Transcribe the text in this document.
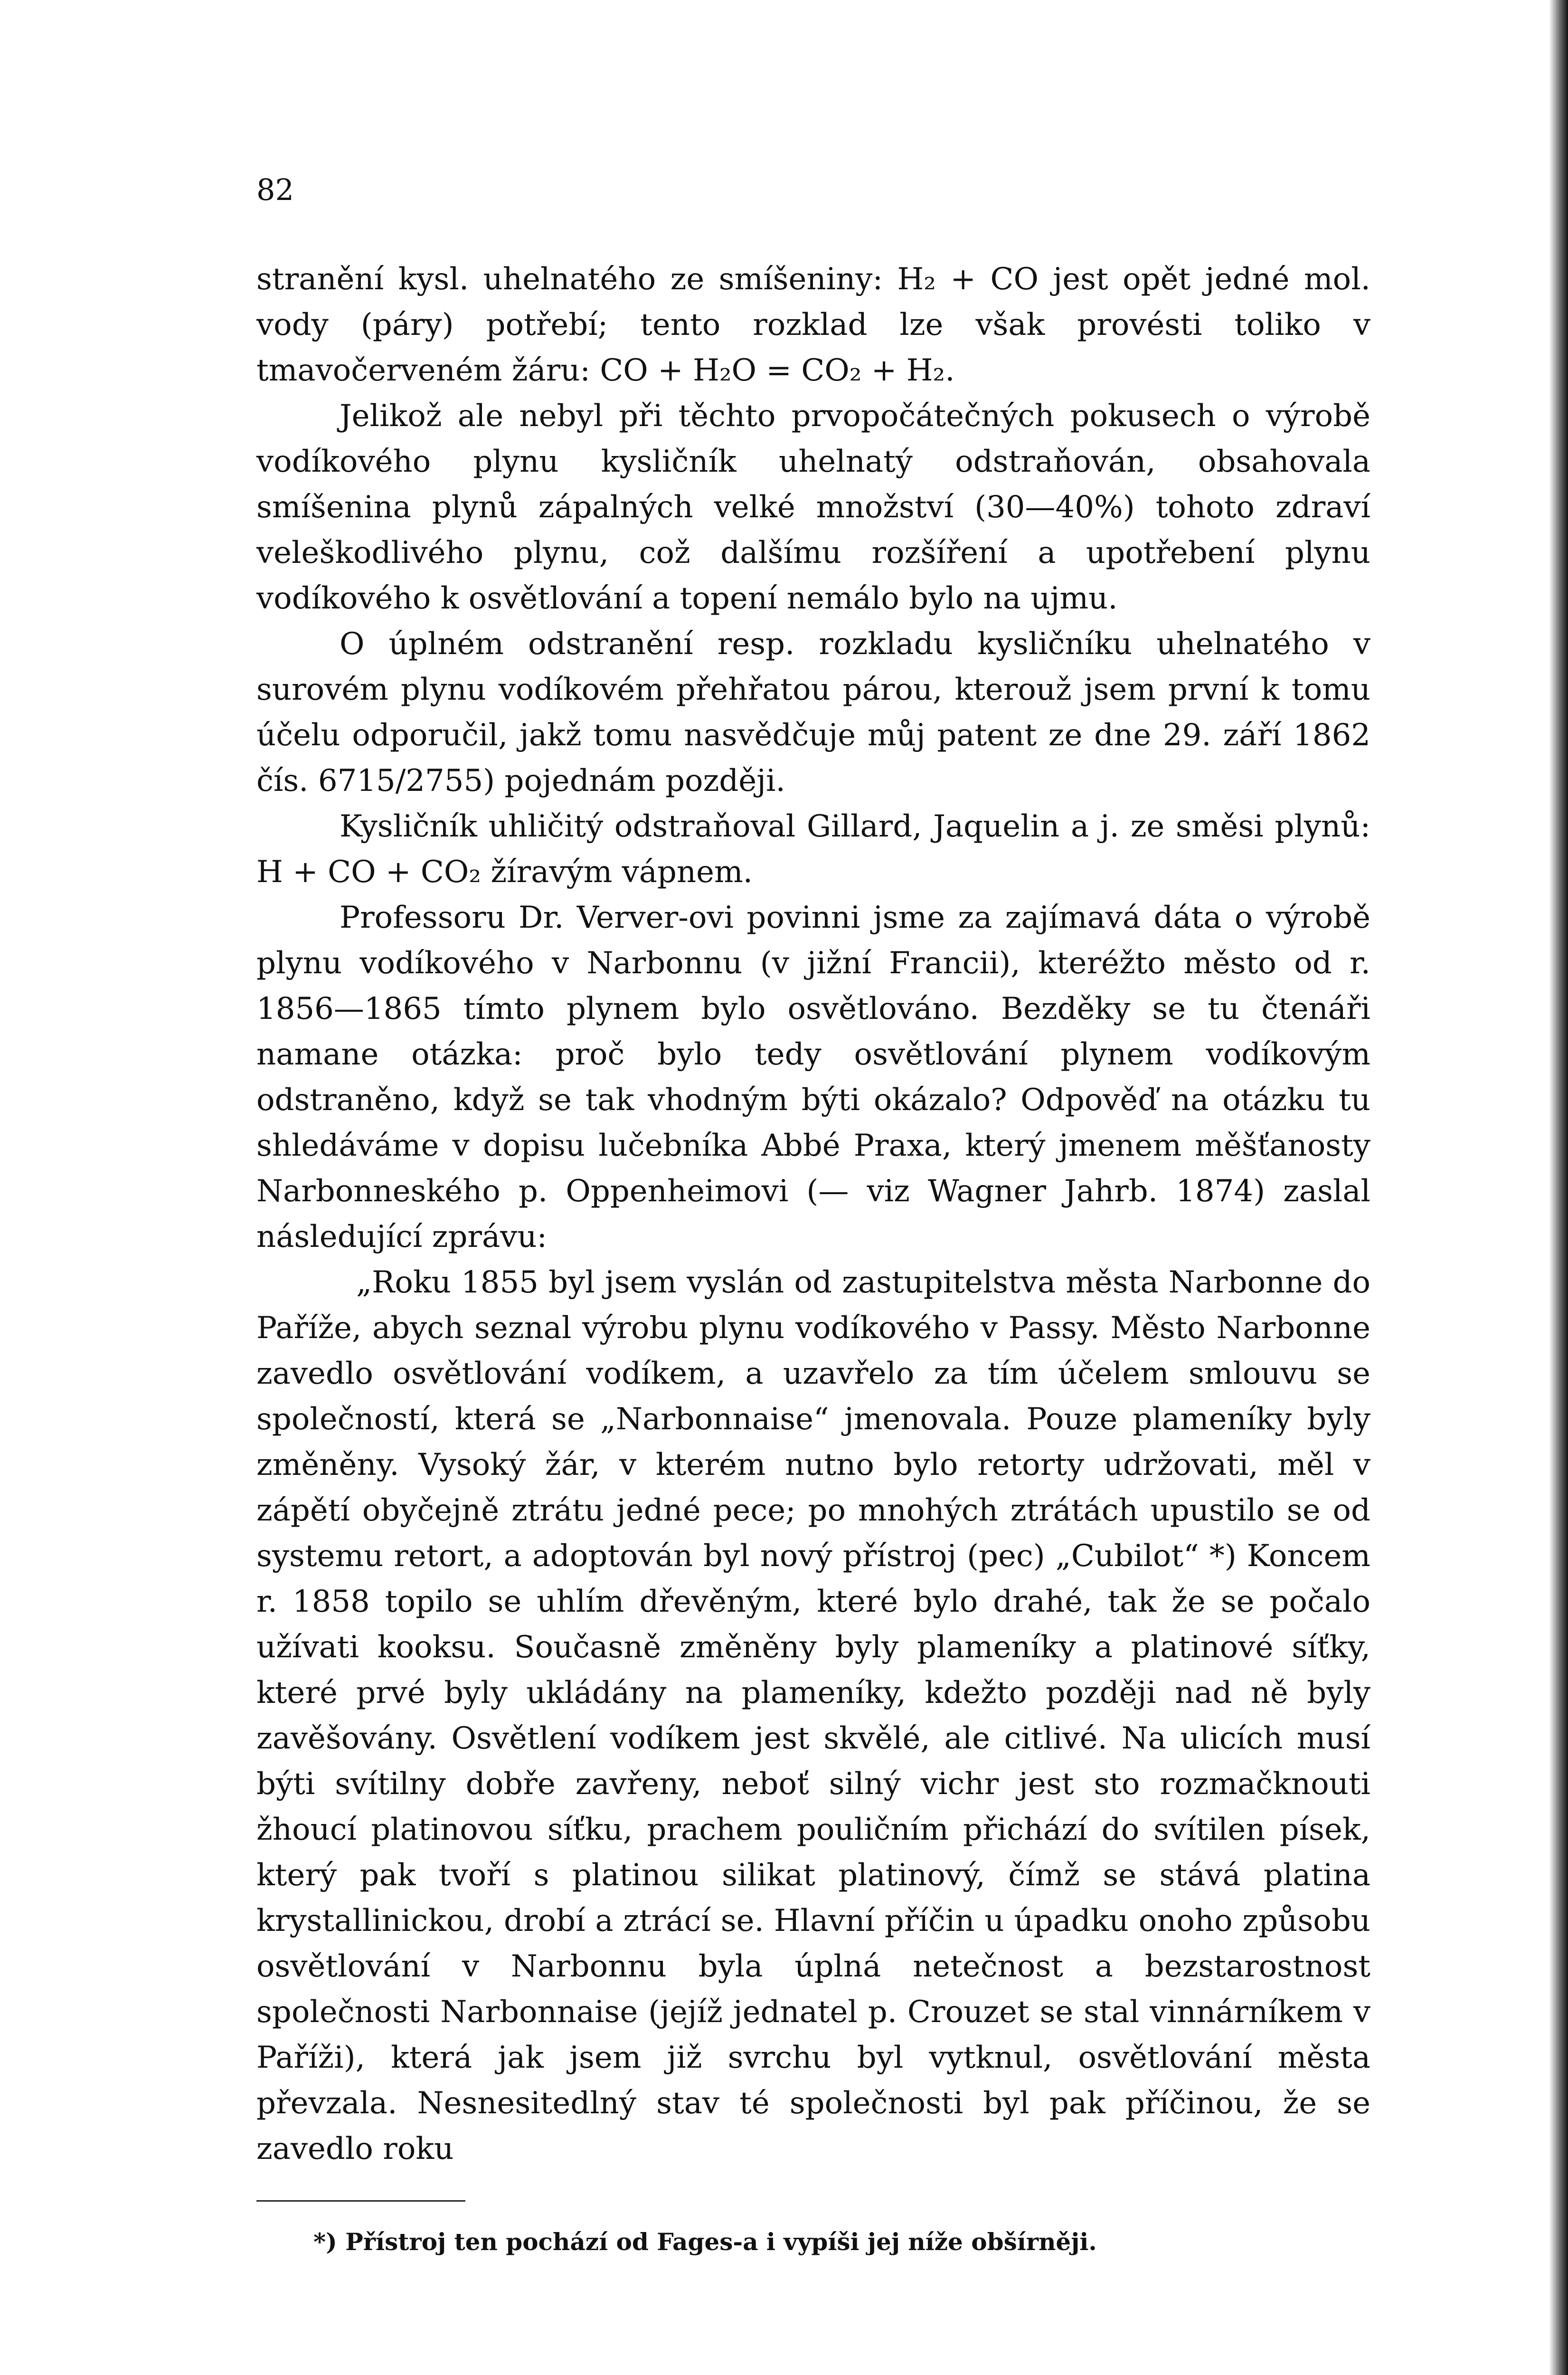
82

stranění kysl. uhelnatého ze smíšeniny: H₂ + CO jest opět jedné mol. vody (páry) potřebí; tento rozklad lze však provésti toliko v tmavočerveném žáru: CO + H₂O = CO₂ + H₂.

Jelikož ale nebyl při těchto prvopočátečných pokusech o výrobě vodíkového plynu kysličník uhelnatý odstraňován, obsahovala smíšenina plynů zápalných velké množství (30—40%) tohoto zdraví veleškodlivého plynu, což dalšímu rozšíření a upotřebení plynu vodíkového k osvětlování a topení nemálo bylo na ujmu.

O úplném odstranění resp. rozkladu kysličníku uhelnatého v surovém plynu vodíkovém přehřatou párou, kterouž jsem první k tomu účelu odporučil, jakž tomu nasvědčuje můj patent ze dne 29. září 1862 čís. 6715/2755) pojednám později.

Kysličník uhličitý odstraňoval Gillard, Jaquelin a j. ze směsi plynů: H + CO + CO₂ žíravým vápnem.

Professoru Dr. Verver-ovi povinni jsme za zajímavá dáta o výrobě plynu vodíkového v Narbonnu (v jižní Francii), kteréžto město od r. 1856—1865 tímto plynem bylo osvětlováno. Bezděky se tu čtenáři namane otázka: proč bylo tedy osvětlování plynem vodíkovým odstraněno, když se tak vhodným býti okázalo? Odpověď na otázku tu shledáváme v dopisu lučebníka Abbé Praxa, který jmenem měšťanosty Narbonneského p. Oppenheimovi (— viz Wagner Jahrb. 1874) zaslal následující zprávu:

„Roku 1855 byl jsem vyslán od zastupitelstva města Narbonne do Paříže, abych seznal výrobu plynu vodíkového v Passy. Město Narbonne zavedlo osvětlování vodíkem, a uzavřelo za tím účelem smlouvu se společností, která se „Narbonnaise“ jmenovala. Pouze plameníky byly změněny. Vysoký žár, v kterém nutno bylo retorty udržovati, měl v zápětí obyčejně ztrátu jedné pece; po mnohých ztrátách upustilo se od systemu retort, a adoptován byl nový přístroj (pec) „Cubilot“ *) Koncem r. 1858 topilo se uhlím dřevěným, které bylo drahé, tak že se počalo užívati kooksu. Současně změněny byly plameníky a platinové síťky, které prvé byly ukládány na plameníky, kdežto později nad ně byly zavěšovány. Osvětlení vodíkem jest skvělé, ale citlivé. Na ulicích musí býti svítilny dobře zavřeny, neboť silný vichr jest sto rozmačknouti žhoucí platinovou síťku, prachem pouličním přichází do svítilen písek, který pak tvoří s platinou silikat platinový, čímž se stává platina krystallinickou, drobí a ztrácí se. Hlavní příčin u úpadku onoho způsobu osvětlování v Narbonnu byla úplná netečnost a bezstarostnost společnosti Narbonnaise (jejíž jednatel p. Crouzet se stal vinnárníkem v Paříži), která jak jsem již svrchu byl vytknul, osvětlování města převzala. Nesnesitedlný stav té společnosti byl pak příčinou, že se zavedlo roku

*) Přístroj ten pochází od Fages-a i vypíši jej níže obšírněji.
